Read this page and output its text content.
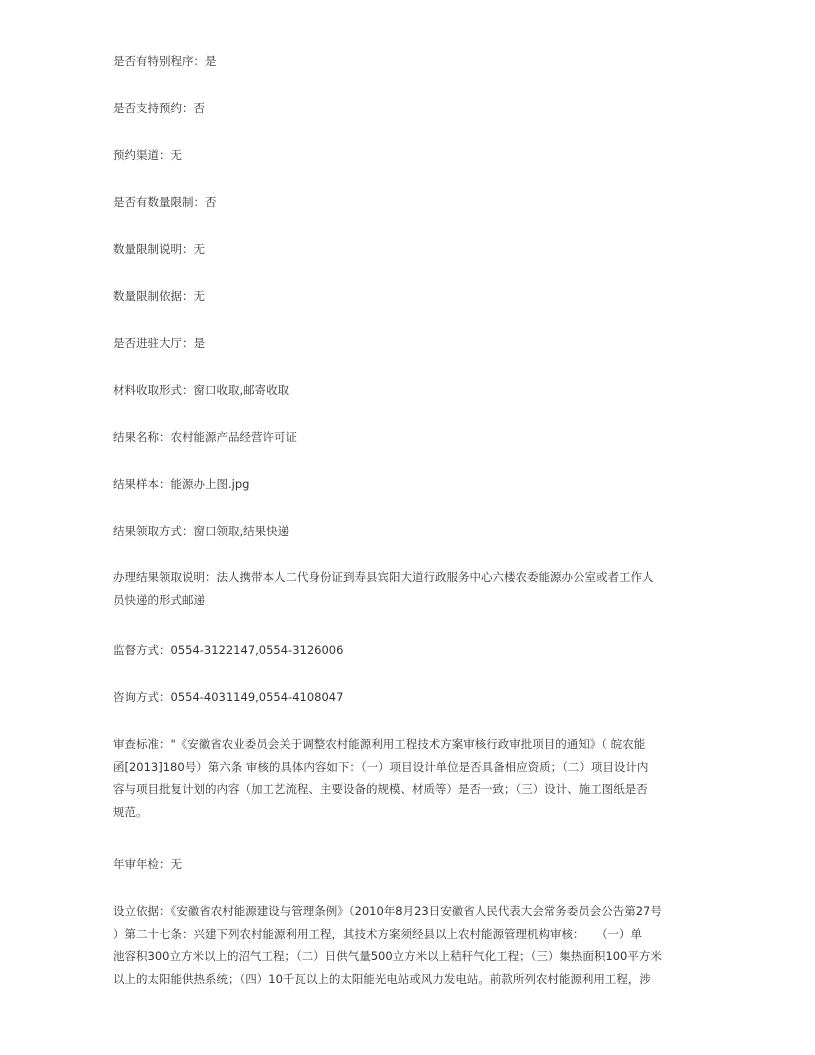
是否有特别程序：是

是否支持预约：否

预约渠道：无

是否有数量限制：否

数量限制说明：无

数量限制依据：无

是否进驻大厅：是

材料收取形式：窗口收取,邮寄收取

结果名称：农村能源产品经营许可证

结果样本：能源办上图.jpg

结果领取方式：窗口领取,结果快递

办理结果领取说明：法人携带本人二代身份证到寿县宾阳大道行政服务中心六楼农委能源办公室或者工作人
员快递的形式邮递

监督方式：0554-3122147,0554-3126006

咨询方式：0554-4031149,0554-4108047

审查标准："《安徽省农业委员会关于调整农村能源利用工程技术方案审核行政审批项目的通知》（ 皖农能
函[2013]180号）第六条 审核的具体内容如下：（一）项目设计单位是否具备相应资质；（二）项目设计内
容与项目批复计划的内容（加工艺流程、主要设备的规模、材质等）是否一致；（三）设计、施工图纸是否
规范。

年审年检：无

设立依据：《安徽省农村能源建设与管理条例》（2010年8月23日安徽省人民代表大会常务委员会公告第27号
）第二十七条：兴建下列农村能源利用工程，其技术方案须经县以上农村能源管理机构审核：　　（一）单
池容积300立方米以上的沼气工程；（二）日供气量500立方米以上秸秆气化工程；（三）集热面积100平方米
以上的太阳能供热系统；（四）10千瓦以上的太阳能光电站或风力发电站。前款所列农村能源利用工程，涉
